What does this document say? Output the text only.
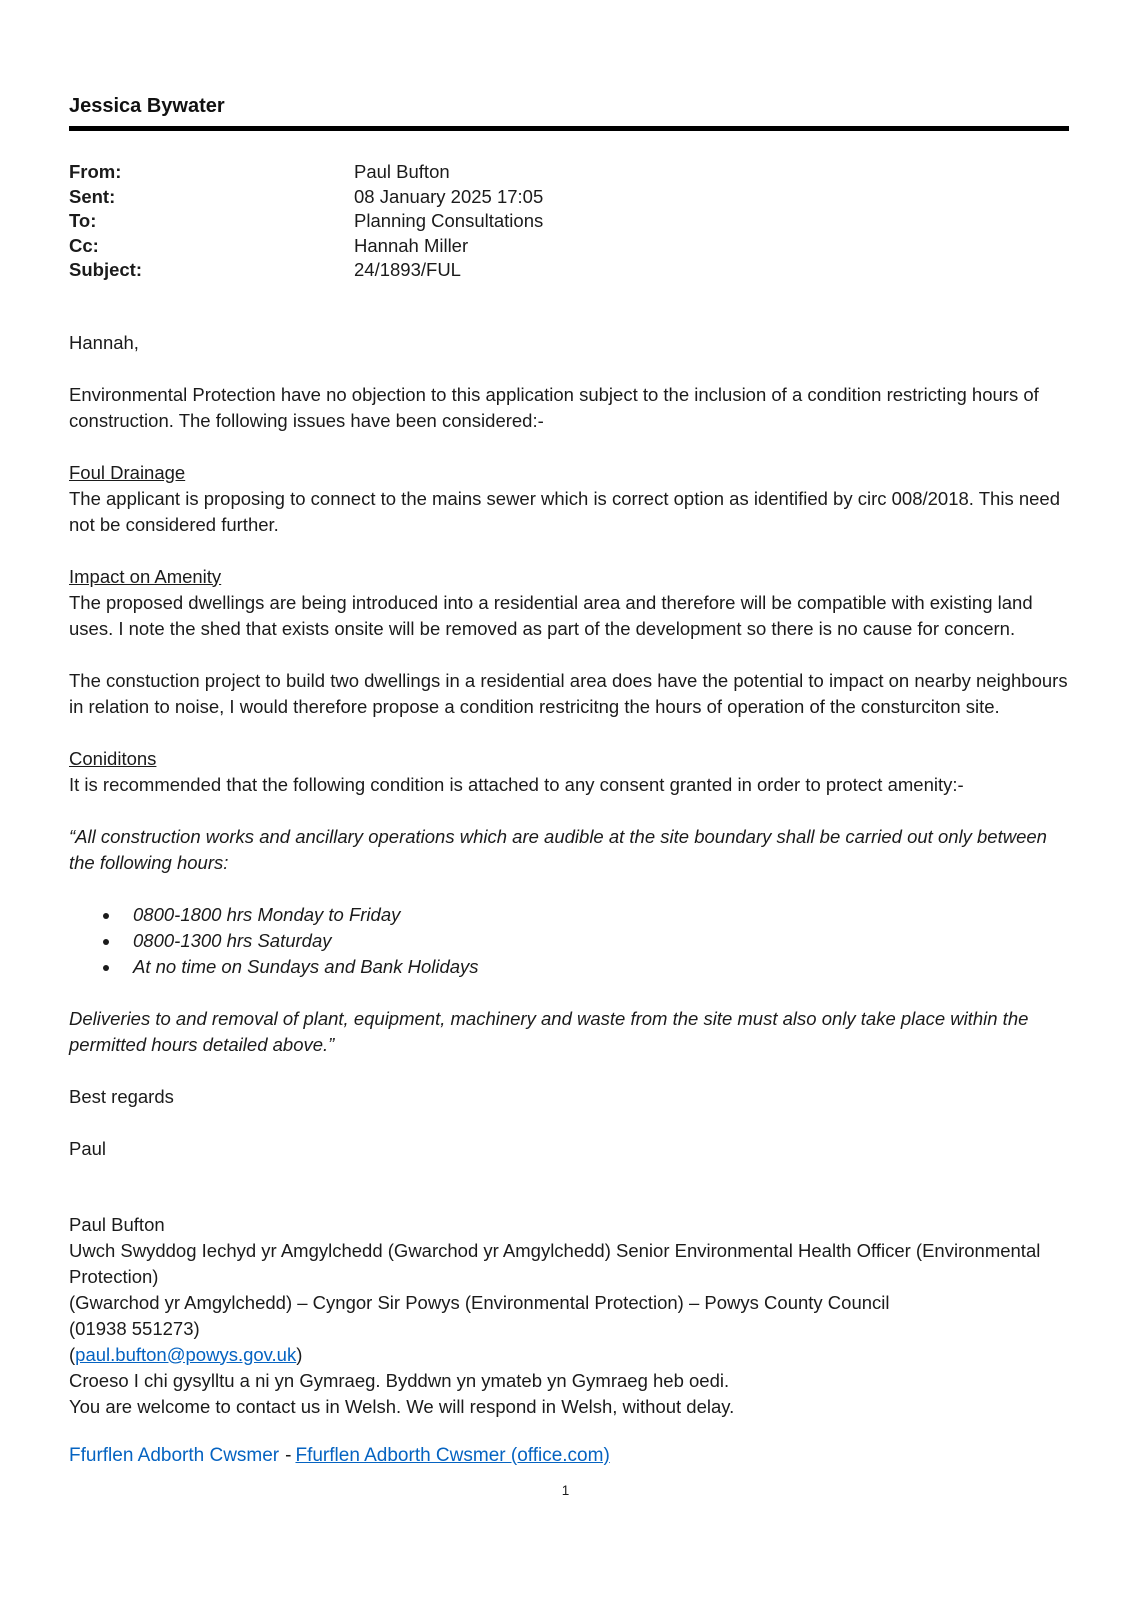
Jessica Bywater
From:	Paul Bufton
Sent:	08 January 2025 17:05
To:	Planning Consultations
Cc:	Hannah Miller
Subject:	24/1893/FUL

Hannah,

Environmental Protection have no objection to this application subject to the inclusion of a condition restricting hours of construction. The following issues have been considered:-

Foul Drainage

The applicant is proposing to connect to the mains sewer which is correct option as identified by circ 008/2018. This need not be considered further.

Impact on Amenity

The proposed dwellings are being introduced into a residential area and therefore will be compatible with existing land uses. I note the shed that exists onsite will be removed as part of the development so there is no cause for concern.

The constuction project to build two dwellings in a residential area does have the potential to impact on nearby neighbours in relation to noise, I would therefore propose a condition restricitng the hours of operation of the consturciton site.

Coniditons

It is recommended that the following condition is attached to any consent granted in order to protect amenity:-

“All construction works and ancillary operations which are audible at the site boundary shall be carried out only between the following hours:

• 0800-1800 hrs Monday to Friday
• 0800-1300 hrs Saturday
• At no time on Sundays and Bank Holidays

Deliveries to and removal of plant, equipment, machinery and waste from the site must also only take place within the permitted hours detailed above.”

Best regards

Paul

Paul Bufton

Uwch Swyddog Iechyd yr Amgylchedd (Gwarchod yr Amgylchedd) Senior Environmental Health Officer (Environmental Protection)

(Gwarchod yr Amgylchedd) – Cyngor Sir Powys (Environmental Protection) – Powys County Council

(01938 551273)

(paul.bufton@powys.gov.uk)

Croeso I chi gysylltu a ni yn Gymraeg. Byddwn yn ymateb yn Gymraeg heb oedi.

You are welcome to contact us in Welsh. We will respond in Welsh, without delay.

Ffurflen Adborth Cwsmer - Ffurflen Adborth Cwsmer (office.com)

1
